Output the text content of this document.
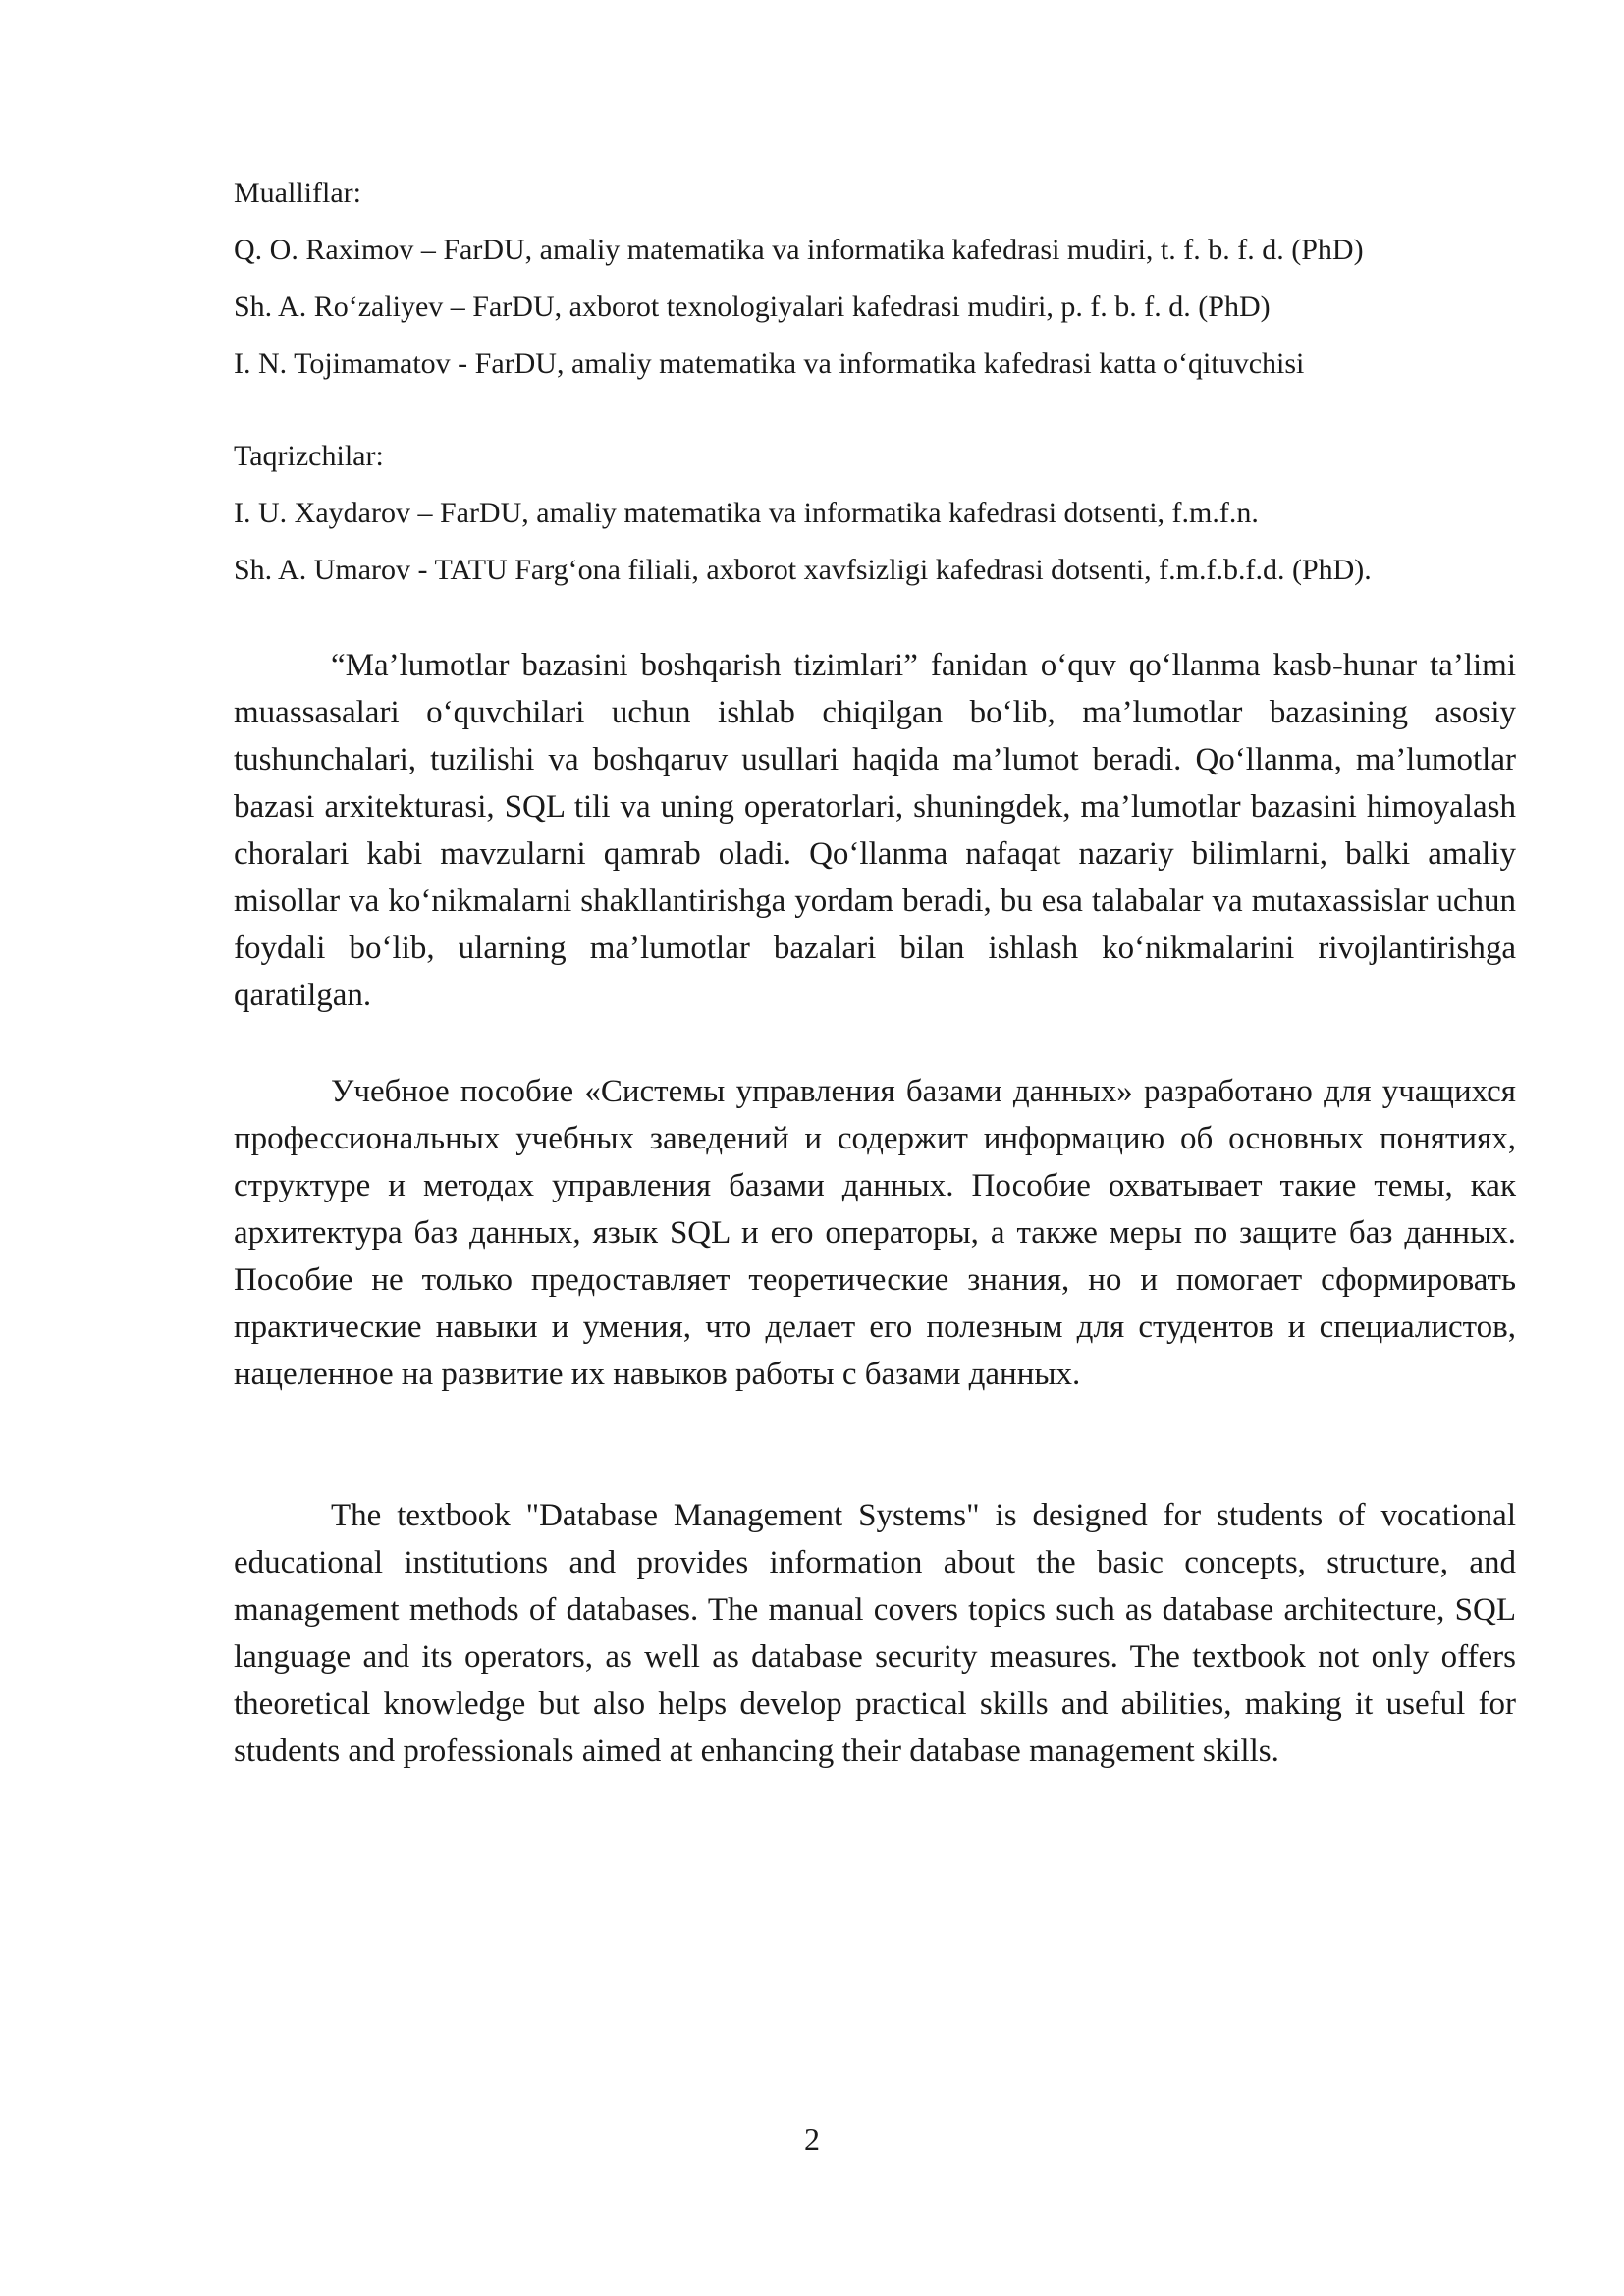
Mualliflar:
Q. O. Raximov – FarDU, amaliy matematika va informatika kafedrasi mudiri, t. f. b. f. d. (PhD)
Sh. A. Ro‘zaliyev – FarDU, axborot texnologiyalari kafedrasi mudiri, p. f. b. f. d. (PhD)
I. N. Tojimamatov - FarDU, amaliy matematika va informatika kafedrasi katta o‘qituvchisi
Taqrizchilar:
I. U. Xaydarov – FarDU, amaliy matematika va informatika kafedrasi dotsenti, f.m.f.n.
Sh. A. Umarov - TATU Farg‘ona filiali, axborot xavfsizligi kafedrasi dotsenti, f.m.f.b.f.d. (PhD).

“Ma’lumotlar bazasini boshqarish tizimlari” fanidan o‘quv qo‘llanma kasb-hunar ta’limi muassasalari o‘quvchilari uchun ishlab chiqilgan bo‘lib, ma’lumotlar bazasining asosiy tushunchalari, tuzilishi va boshqaruv usullari haqida ma’lumot beradi. Qo‘llanma, ma’lumotlar bazasi arxitekturasi, SQL tili va uning operatorlari, shuningdek, ma’lumotlar bazasini himoyalash choralari kabi mavzularni qamrab oladi. Qo‘llanma nafaqat nazariy bilimlarni, balki amaliy misollar va ko‘nikmalarni shakllantirishga yordam beradi, bu esa talabalar va mutaxassislar uchun foydali bo‘lib, ularning ma’lumotlar bazalari bilan ishlash ko‘nikmalarini rivojlantirishga qaratilgan.

Учебное пособие «Системы управления базами данных» разработано для учащихся профессиональных учебных заведений и содержит информацию об основных понятиях, структуре и методах управления базами данных. Пособие охватывает такие темы, как архитектура баз данных, язык SQL и его операторы, а также меры по защите баз данных. Пособие не только предоставляет теоретические знания, но и помогает сформировать практические навыки и умения, что делает его полезным для студентов и специалистов, нацеленное на развитие их навыков работы с базами данных.

The textbook "Database Management Systems" is designed for students of vocational educational institutions and provides information about the basic concepts, structure, and management methods of databases. The manual covers topics such as database architecture, SQL language and its operators, as well as database security measures. The textbook not only offers theoretical knowledge but also helps develop practical skills and abilities, making it useful for students and professionals aimed at enhancing their database management skills.

2
